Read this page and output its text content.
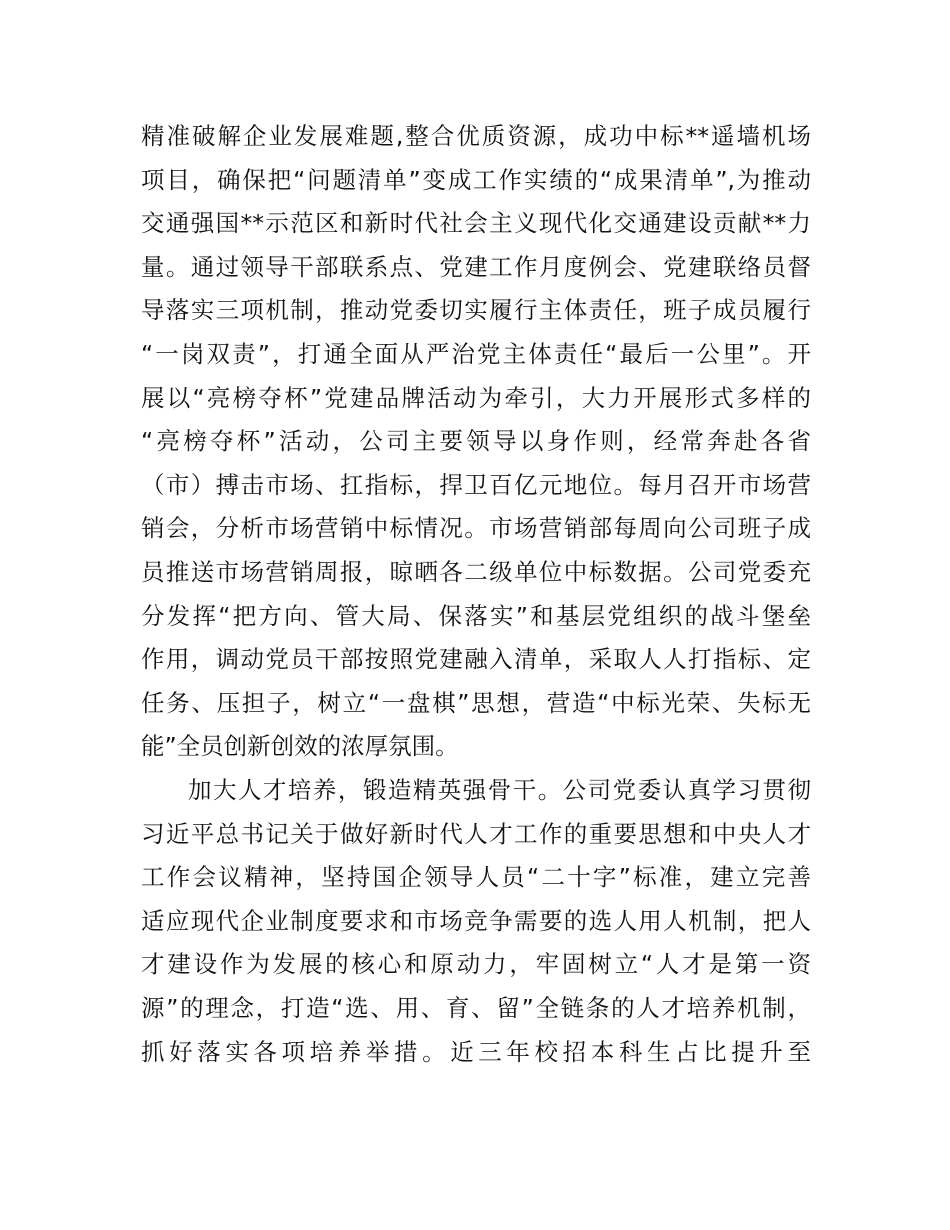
精准破解企业发展难题,整合优质资源，成功中标**遥墙机场
项目，确保把“问题清单”变成工作实绩的“成果清单”,为推动
交通强国**示范区和新时代社会主义现代化交通建设贡献**力
量。通过领导干部联系点、党建工作月度例会、党建联络员督
导落实三项机制，推动党委切实履行主体责任，班子成员履行
“一岗双责”，打通全面从严治党主体责任“最后一公里”。开
展以“亮榜夺杯”党建品牌活动为牵引，大力开展形式多样的
“亮榜夺杯”活动，公司主要领导以身作则，经常奔赴各省
（市）搏击市场、扛指标，捍卫百亿元地位。每月召开市场营
销会，分析市场营销中标情况。市场营销部每周向公司班子成
员推送市场营销周报，晾晒各二级单位中标数据。公司党委充
分发挥“把方向、管大局、保落实”和基层党组织的战斗堡垒
作用，调动党员干部按照党建融入清单，采取人人打指标、定
任务、压担子，树立“一盘棋”思想，营造“中标光荣、失标无
能”全员创新创效的浓厚氛围。
加大人才培养，锻造精英强骨干。公司党委认真学习贯彻
习近平总书记关于做好新时代人才工作的重要思想和中央人才
工作会议精神，坚持国企领导人员“二十字”标准，建立完善
适应现代企业制度要求和市场竞争需要的选人用人机制，把人
才建设作为发展的核心和原动力，牢固树立“人才是第一资
源”的理念，打造“选、用、育、留”全链条的人才培养机制，
抓好落实各项培养举措。近三年校招本科生占比提升至
